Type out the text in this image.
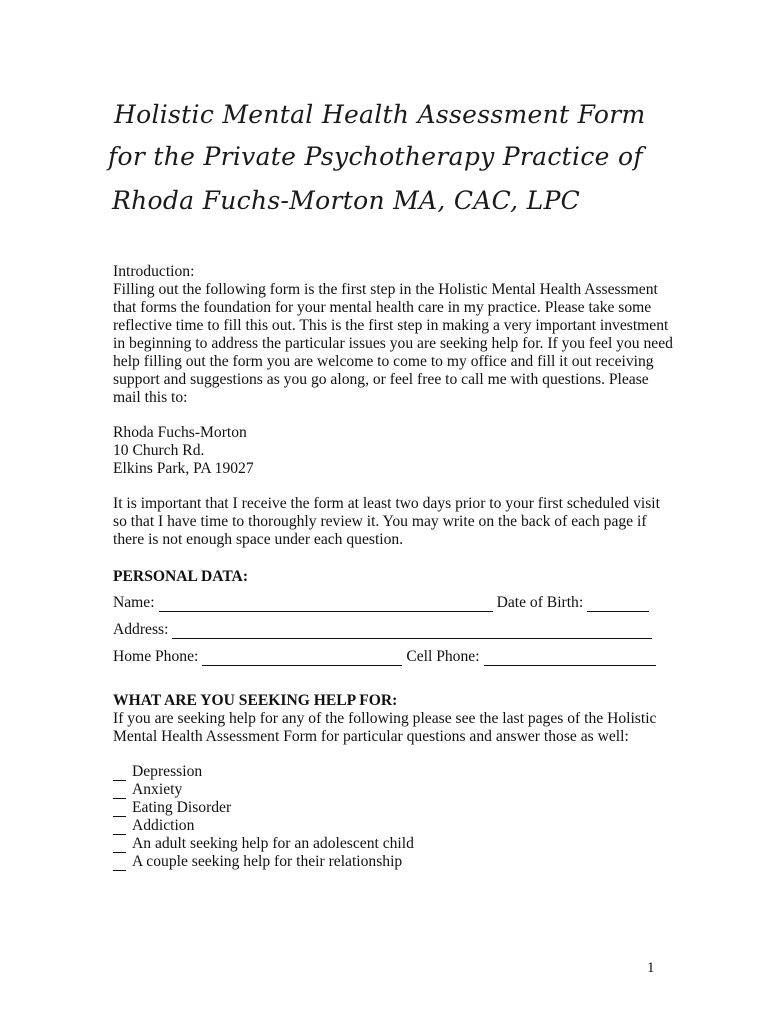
Holistic Mental Health Assessment Form
for the Private Psychotherapy Practice of
Rhoda Fuchs-Morton MA, CAC, LPC
Introduction:
Filling out the following form is the first step in the Holistic Mental Health Assessment
that forms the foundation for your mental health care in my practice. Please take some
reflective time to fill this out. This is the first step in making a very important investment
in beginning to address the particular issues you are seeking help for. If you feel you need
help filling out the form you are welcome to come to my office and fill it out receiving
support and suggestions as you go along, or feel free to call me with questions. Please
mail this to:
Rhoda Fuchs-Morton
10 Church Rd.
Elkins Park, PA 19027
It is important that I receive the form at least two days prior to your first scheduled visit
so that I have time to thoroughly review it. You may write on the back of each page if
there is not enough space under each question.
PERSONAL DATA:
Name:	Date of Birth:
Address:
Home Phone:	Cell Phone:
WHAT ARE YOU SEEKING HELP FOR:
If you are seeking help for any of the following please see the last pages of the Holistic
Mental Health Assessment Form for particular questions and answer those as well:
Depression
Anxiety
Eating Disorder
Addiction
An adult seeking help for an adolescent child
A couple seeking help for their relationship
1
